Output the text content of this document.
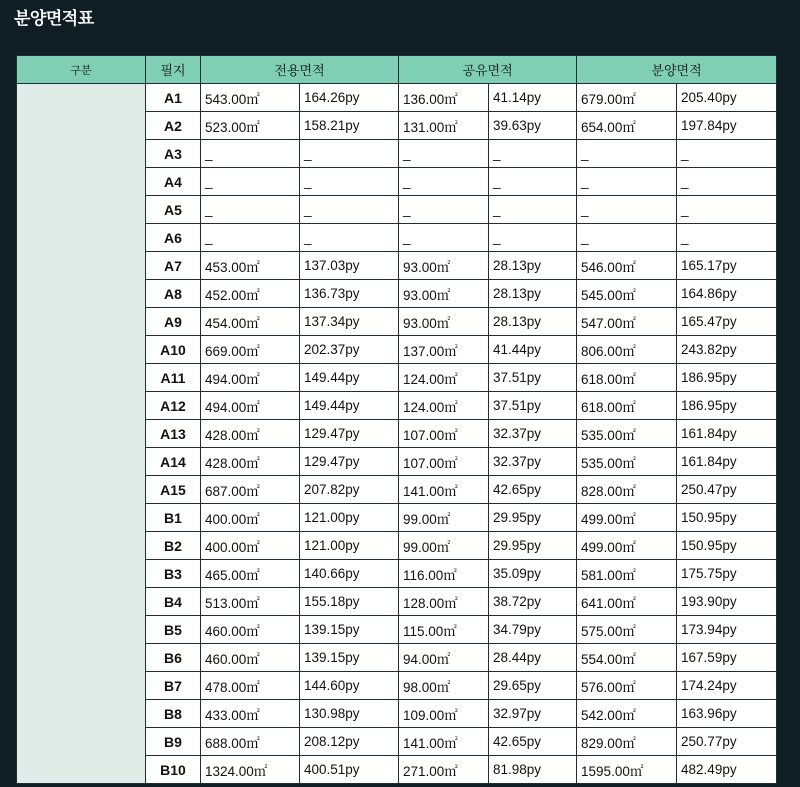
분양면적표
구분	필지	전용면적		공유면적		분양면적	
	A1	543.00㎡	164.26py	136.00㎡	41.14py	679.00㎡	205.40py
	A2	523.00㎡	158.21py	131.00㎡	39.63py	654.00㎡	197.84py
	A3	_	_	_	_	_	_
	A4	_	_	_	_	_	_
	A5	_	_	_	_	_	_
	A6	_	_	_	_	_	_
	A7	453.00㎡	137.03py	93.00㎡	28.13py	546.00㎡	165.17py
	A8	452.00㎡	136.73py	93.00㎡	28.13py	545.00㎡	164.86py
	A9	454.00㎡	137.34py	93.00㎡	28.13py	547.00㎡	165.47py
	A10	669.00㎡	202.37py	137.00㎡	41.44py	806.00㎡	243.82py
	A11	494.00㎡	149.44py	124.00㎡	37.51py	618.00㎡	186.95py
	A12	494.00㎡	149.44py	124.00㎡	37.51py	618.00㎡	186.95py
	A13	428.00㎡	129.47py	107.00㎡	32.37py	535.00㎡	161.84py
	A14	428.00㎡	129.47py	107.00㎡	32.37py	535.00㎡	161.84py
	A15	687.00㎡	207.82py	141.00㎡	42.65py	828.00㎡	250.47py
	B1	400.00㎡	121.00py	99.00㎡	29.95py	499.00㎡	150.95py
	B2	400.00㎡	121.00py	99.00㎡	29.95py	499.00㎡	150.95py
	B3	465.00㎡	140.66py	116.00㎡	35.09py	581.00㎡	175.75py
	B4	513.00㎡	155.18py	128.00㎡	38.72py	641.00㎡	193.90py
	B5	460.00㎡	139.15py	115.00㎡	34.79py	575.00㎡	173.94py
	B6	460.00㎡	139.15py	94.00㎡	28.44py	554.00㎡	167.59py
	B7	478.00㎡	144.60py	98.00㎡	29.65py	576.00㎡	174.24py
	B8	433.00㎡	130.98py	109.00㎡	32.97py	542.00㎡	163.96py
	B9	688.00㎡	208.12py	141.00㎡	42.65py	829.00㎡	250.77py
	B10	1324.00㎡	400.51py	271.00㎡	81.98py	1595.00㎡	482.49py
